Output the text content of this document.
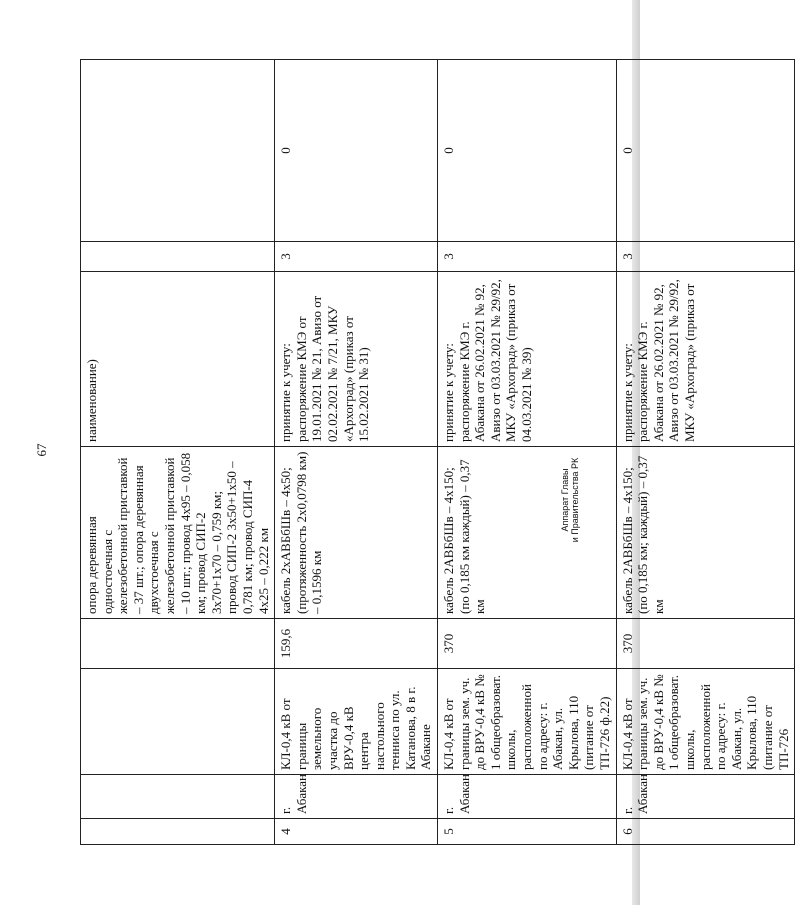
67
				опора деревянная одностоечная с железобетонной приставкой – 37 шт.; опора деревянная двухстоечная с железобетонной приставкой – 10 шт.; провод 4х95 – 0,058 км; провод СИП-2 3х70+1х70 – 0,759 км; провод СИП-2 3х50+1х50 – 0,781 км; провод СИП-4 4х25 – 0,222 км	наименование)		
4	г. Абакан	КЛ-0,4 кВ от границы земельного участка до ВРУ-0,4 кВ центра настольного тенниса по ул. Катанова, 8 в г. Абакане	159,6	кабель 2хАВБбШв – 4х50; (протяженность 2х0,0798 км) – 0,1596 км	принятие к учету: распоряжение КМЭ от 19.01.2021 № 21, Авизо от 02.02.2021 № 7/21, МКУ «Архоград» (приказ от 15.02.2021 № 31)	3	0
5	г. Абакан	КЛ-0,4 кВ от границы зем. уч. до ВРУ-0,4 кВ № 1 общеобразоват. школы, расположенной по адресу: г. Абакан, ул. Крылова, 110 (питание от ТП-726 ф.22)	370	кабель 2АВБбШв – 4х150; (по 0,185 км каждый) – 0,37 км	принятие к учету: распоряжение КМЭ г. Абакана от 26.02.2021 № 92, Авизо от 03.03.2021 № 29/92, МКУ «Архоград» (приказ от 04.03.2021 № 39)	3	0
6	г. Абакан	КЛ-0,4 кВ от границы зем. уч. до ВРУ-0,4 кВ № 1 общеобразоват. школы, расположенной по адресу: г. Абакан, ул. Крылова, 110 (питание от ТП-726	370	кабель 2АВБбШв – 4х150; (по 0,185 км; каждый) – 0,37 км	принятие к учету: распоряжение КМЭ г. Абакана от 26.02.2021 № 92, Авизо от 03.03.2021 № 29/92, МКУ «Архоград» (приказ от	3	0
Аппарат Главы и Правительства РК
